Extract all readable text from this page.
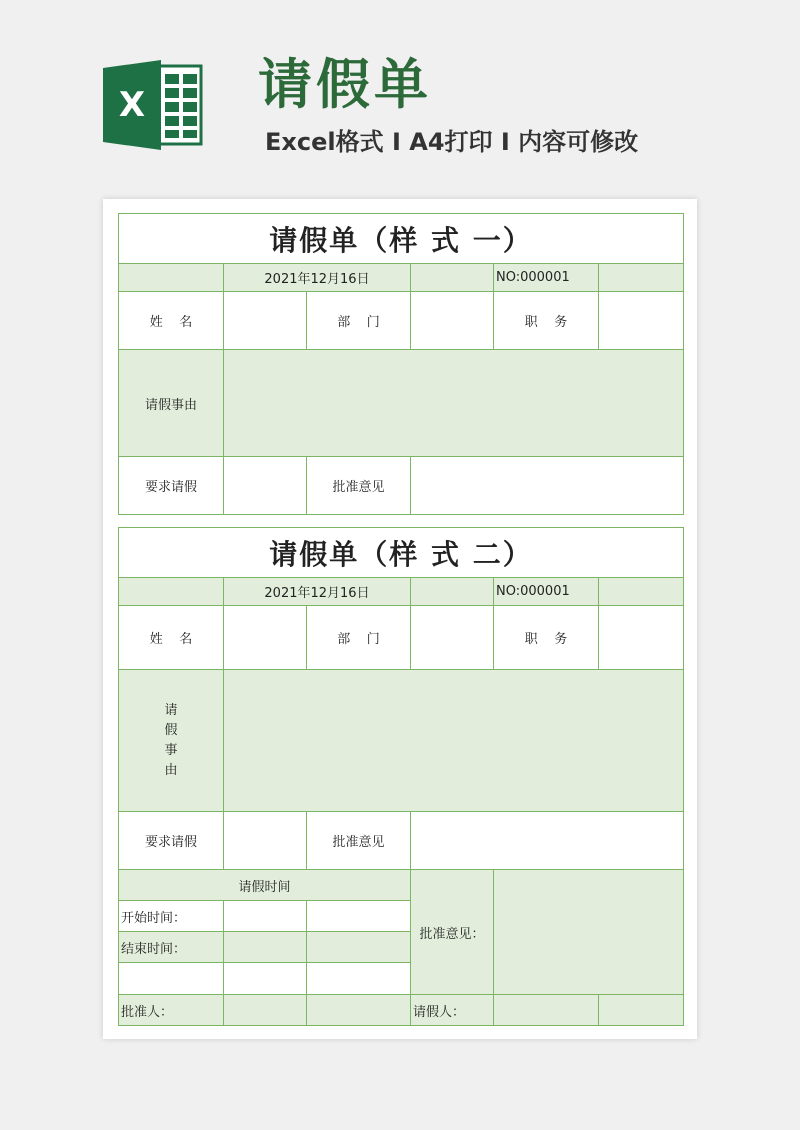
X 请假单
Excel格式 I A4打印 I 内容可修改
请假单（样 式 一）					
	2021年12月16日			NO:000001	
姓    名		部    门		职    务	
请假事由					
要求请假		批准意见			
请假单（样 式 二）					
	2021年12月16日			NO:000001	
姓    名		部    门		职    务	

请
假
事
由					

要求请假		批准意见			
请假时间			批准意见：		
开始时间：					
结束时间：					

批准人：			请假人：		
